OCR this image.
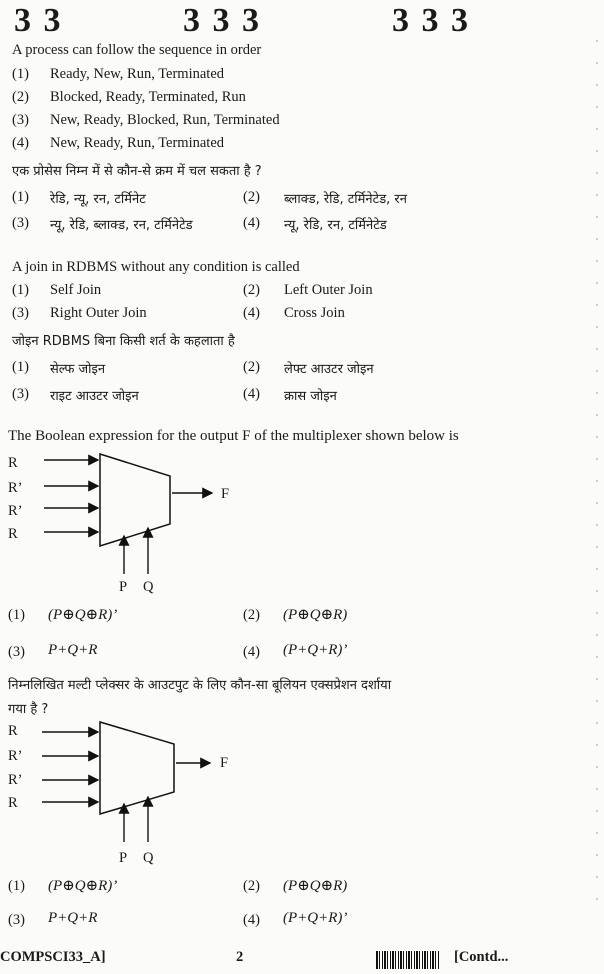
3 3	3 3 3	3 3 3
A process can follow the sequence in order
(1) Ready, New, Run, Terminated
(2) Blocked, Ready, Terminated, Run
(3) New, Ready, Blocked, Run, Terminated
(4) New, Ready, Run, Terminated
एक प्रोसेस निम्न में से कौन-से क्रम में चल सकता है ?
(1) रेडि, न्यू, रन, टर्मिनेट	(2) ब्लाक्ड, रेडि, टर्मिनेटेड, रन
(3) न्यू, रेडि, ब्लाक्ड, रन, टर्मिनेटेड	(4) न्यू, रेडि, रन, टर्मिनेटेड
A join in RDBMS without any condition is called
(1) Self Join	(2) Left Outer Join
(3) Right Outer Join	(4) Cross Join
जोइन RDBMS बिना किसी शर्त के कहलाता है
(1) सेल्फ जोइन	(2) लेफ्ट आउटर जोइन
(3) राइट आउटर जोइन	(4) क्रास जोइन
The Boolean expression for the output F of the multiplexer shown below is
R
R’
R’
R
F
P Q
(1) (P⊕Q⊕R)’	(2) (P⊕Q⊕R)
(3) P+Q+R	(4) (P+Q+R)’
निम्नलिखित मल्टी प्लेक्सर के आउटपुट के लिए कौन-सा बूलियन एक्सप्रेशन दर्शाया
गया है ?
R
R’
R’
R
F
P Q
(1) (P⊕Q⊕R)’	(2) (P⊕Q⊕R)
(3) P+Q+R	(4) (P+Q+R)’
COMPSCI33_A]	2	[Contd...
